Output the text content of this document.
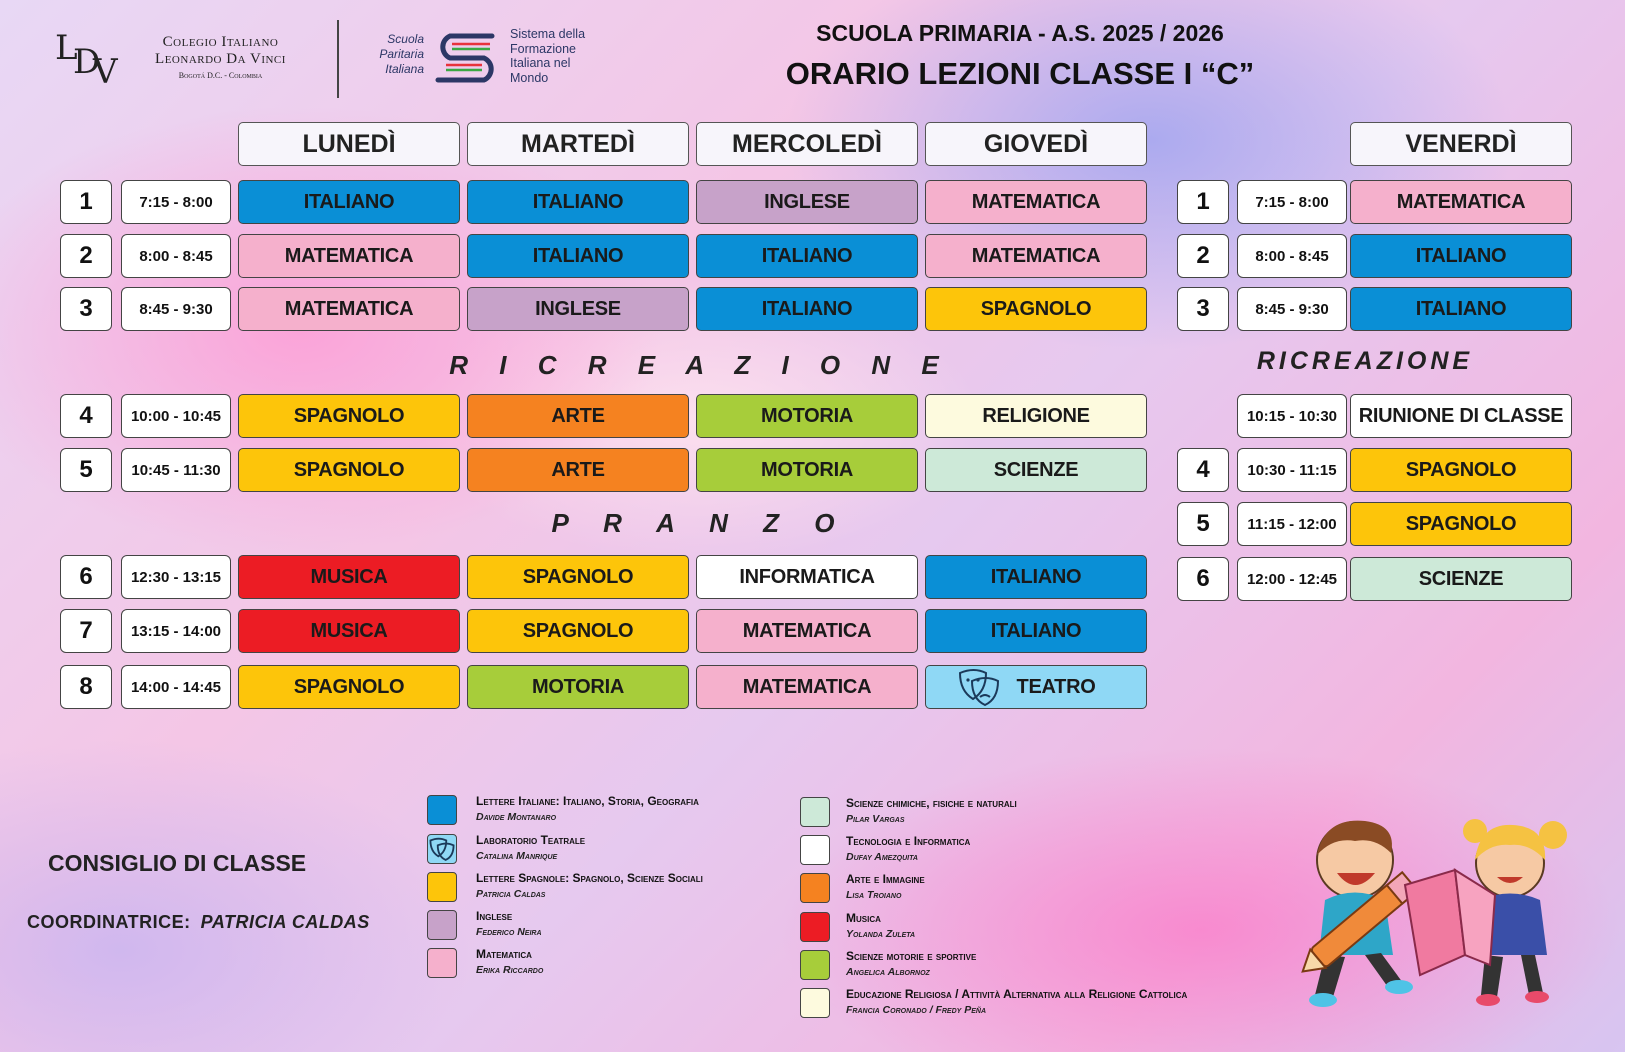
L D
V
Colegio Italiano
Leonardo Da Vinci
Bogotá D.C. - Colombia
Scuola
Paritaria
Italiana
Sistema della
Formazione
Italiana nel
Mondo
SCUOLA PRIMARIA - A.S. 2025 / 2026
ORARIO LEZIONI CLASSE I “C”
LUNEDÌ	MARTEDÌ	MERCOLEDÌ	GIOVEDÌ	VENERDÌ
1	7:15 - 8:00	ITALIANO	ITALIANO	INGLESE	MATEMATICA
2	8:00 - 8:45	MATEMATICA	ITALIANO	ITALIANO	MATEMATICA
3	8:45 - 9:30	MATEMATICA	INGLESE	ITALIANO	SPAGNOLO
4	10:00 - 10:45	SPAGNOLO	ARTE	MOTORIA	RELIGIONE
5	10:45 - 11:30	SPAGNOLO	ARTE	MOTORIA	SCIENZE
6	12:30 - 13:15	MUSICA	SPAGNOLO	INFORMATICA	ITALIANO
7	13:15 - 14:00	MUSICA	SPAGNOLO	MATEMATICA	ITALIANO
8	14:00 - 14:45	SPAGNOLO	MOTORIA	MATEMATICA	TEATRO
1	7:15 - 8:00	MATEMATICA
2	8:00 - 8:45	ITALIANO
3	8:45 - 9:30	ITALIANO
10:15 - 10:30	RIUNIONE DI CLASSE
4	10:30 - 11:15	SPAGNOLO
5	11:15 - 12:00	SPAGNOLO
6	12:00 - 12:45	SCIENZE
R I C R E A Z I O N E
P R A N Z O
RICREAZIONE
Lettere Italiane: Italiano, Storia, Geografia
Davide Montanaro
Laboratorio Teatrale
Catalina Manrique
Lettere Spagnole: Spagnolo, Scienze Sociali
Patricia Caldas
Inglese
Federico Neira
Matematica
Erika Riccardo
Scienze chimiche, fisiche e naturali
Pilar Vargas
Tecnologia e Informatica
Dufay Amezquita
Arte e Immagine
Lisa Troiano
Musica
Yolanda Zuleta
Scienze motorie e sportive
Angelica Albornoz
Educazione Religiosa / Attività Alternativa alla Religione Cattolica
Francia Coronado / Fredy Peña
CONSIGLIO DI CLASSE
COORDINATRICE: PATRICIA CALDAS
